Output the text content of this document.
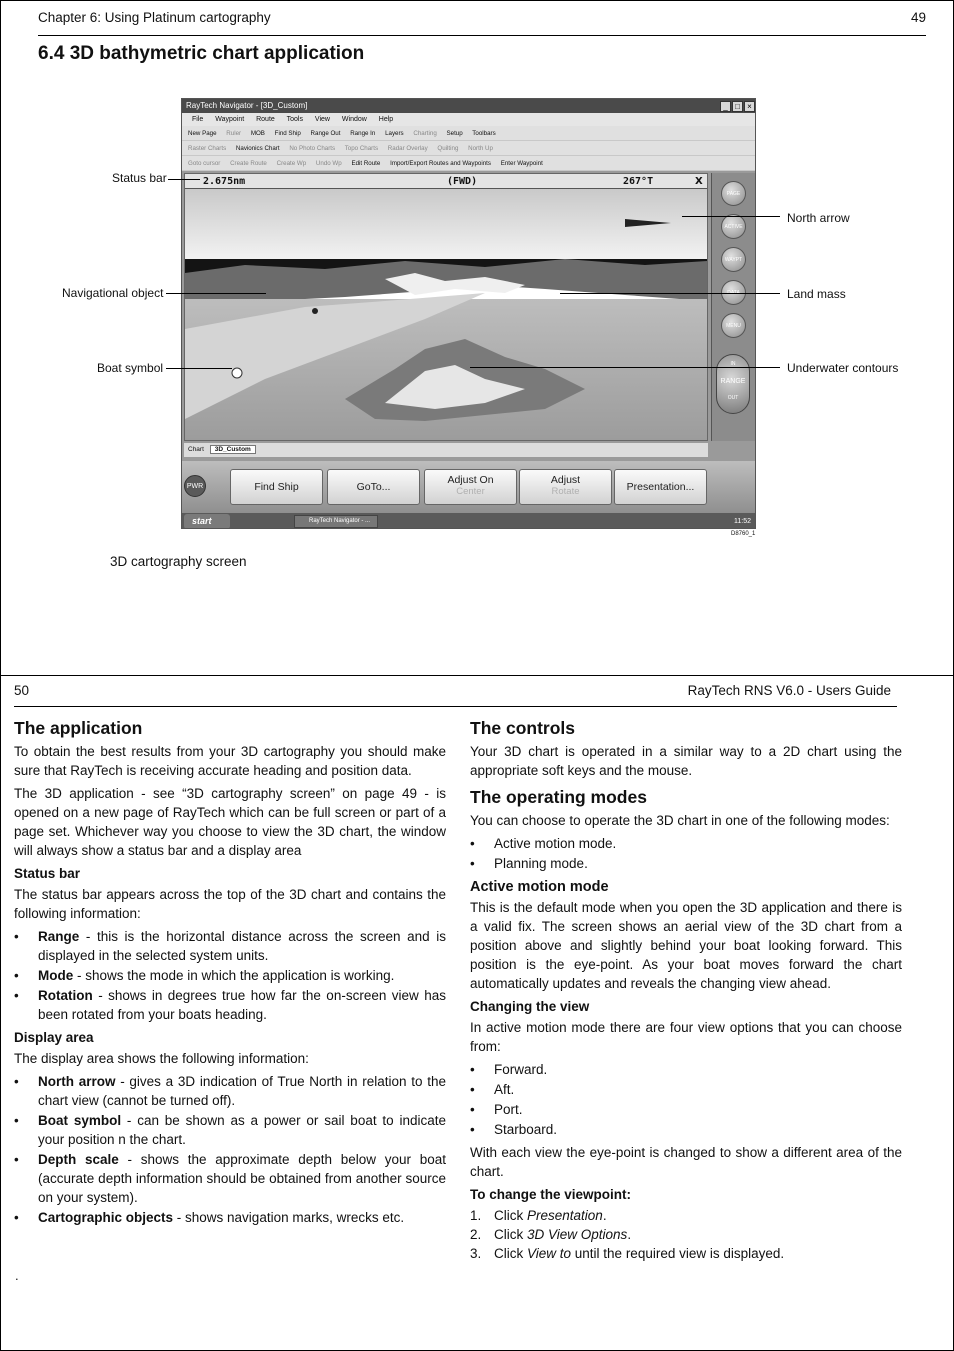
Chapter 6: Using Platinum cartography	49
6.4 3D bathymetric chart application
RayTech Navigator - [3D_Custom]	_ □ ×
File Waypoint Route Tools View Window Help
New Page Ruler MOB Find Ship Range Out Range In Layers Charting Setup Toolbars
Raster Charts Navionics Chart No Photo Charts Topo Charts Radar Overlay Quilting North Up
Goto cursor Create Route Create Wp Undo Wp Edit Route Import/Export Routes and Waypoints Enter Waypoint
2.675nm	(FWD)	267°T	X
PAGE
ACTIVE
WAYPT
MENU
IN
RANGE
OUT
Chart 3D_Custom
PWR	Find Ship	GoTo...
Adjust On
Center
Adjust
Rotate	Presentation...
start	RayTech Navigator - ...	11:52
D8760_1
Status bar
Navigational object
Boat symbol
North arrow
Land mass
Underwater contours
3D cartography screen
50	RayTech RNS V6.0 - Users Guide
The application

To obtain the best results from your 3D cartography you should make sure that RayTech is receiving accurate heading and position data.

The 3D application - see “3D cartography screen” on page 49 - is opened on a new page of RayTech which can be full screen or part of a page set. Whichever way you choose to view the 3D chart, the window will always show a status bar and a display area

Status bar

The status bar appears across the top of the 3D chart and contains the following information:

• Range - this is the horizontal distance across the screen and is displayed in the selected system units.
• Mode - shows the mode in which the application is working.
• Rotation - shows in degrees true how far the on-screen view has been rotated from your boats heading.
Display area

The display area shows the following information:

• North arrow - gives a 3D indication of True North in relation to the chart view (cannot be turned off).
• Boat symbol - can be shown as a power or sail boat to indicate your position n the chart.
• Depth scale - shows the approximate depth below your boat (accurate depth information should be obtained from another source on your system).
• Cartographic objects - shows navigation marks, wrecks etc.
.
The controls

Your 3D chart is operated in a similar way to a 2D chart using the appropriate soft keys and the mouse.

The operating modes

You can choose to operate the 3D chart in one of the following modes:

• Active motion mode.
• Planning mode.
Active motion mode

This is the default mode when you open the 3D application and there is a valid fix. The screen shows an aerial view of the 3D chart from a position above and slightly behind your boat looking forward. This position is the eye-point. As your boat moves forward the chart automatically updates and reveals the changing view ahead.

Changing the view

In active motion mode there are four view options that you can choose from:

• Forward.
• Aft.
• Port.
• Starboard.

With each view the eye-point is changed to show a different area of the chart.

To change the viewpoint:
1. Click Presentation.
2. Click 3D View Options.
3. Click View to until the required view is displayed.
